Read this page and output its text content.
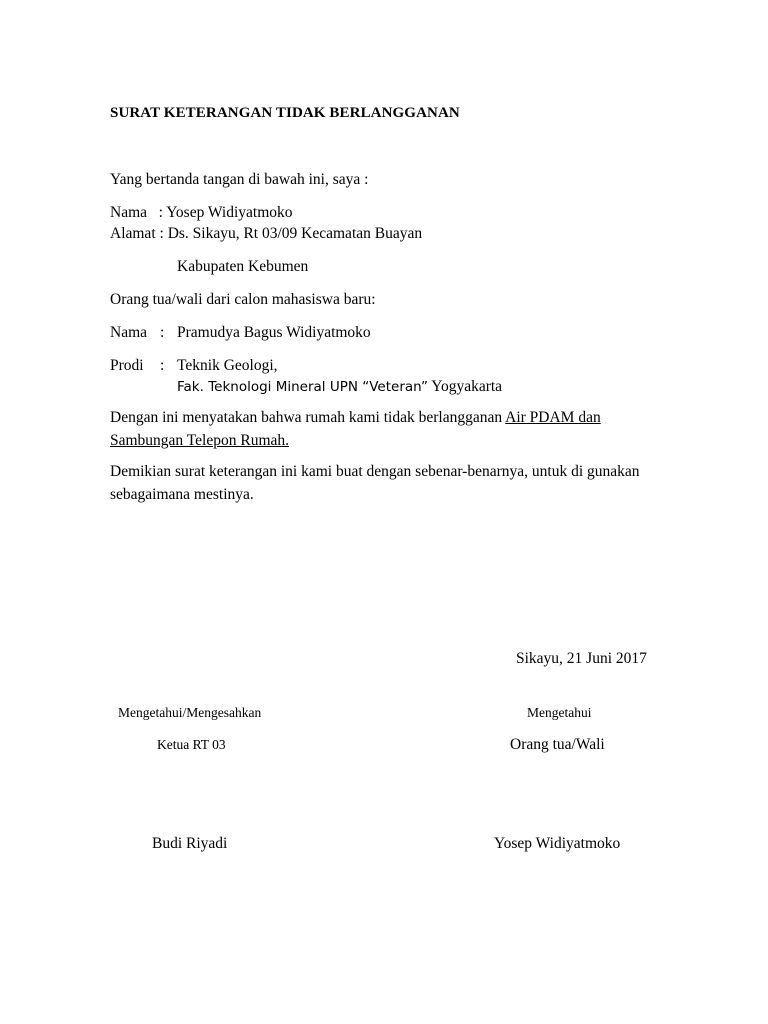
SURAT KETERANGAN TIDAK BERLANGGANAN
Yang bertanda tangan di bawah ini, saya :
Nama   : Yosep Widiyatmoko
Alamat : Ds. Sikayu, Rt 03/09 Kecamatan Buayan
Kabupaten Kebumen
Orang tua/wali dari calon mahasiswa baru:
Nama : Pramudya Bagus Widiyatmoko
Prodi : Teknik Geologi,
Fak. Teknologi Mineral UPN “Veteran” Yogyakarta
Dengan ini menyatakan bahwa rumah kami tidak berlangganan Air PDAM dan
Sambungan Telepon Rumah.
Demikian surat keterangan ini kami buat dengan sebenar-benarnya, untuk di gunakan sebagaimana mestinya.
Sikayu, 21 Juni 2017
Mengetahui/Mengesahkan	Mengetahui
Ketua RT 03	Orang tua/Wali
Budi Riyadi	Yosep Widiyatmoko
